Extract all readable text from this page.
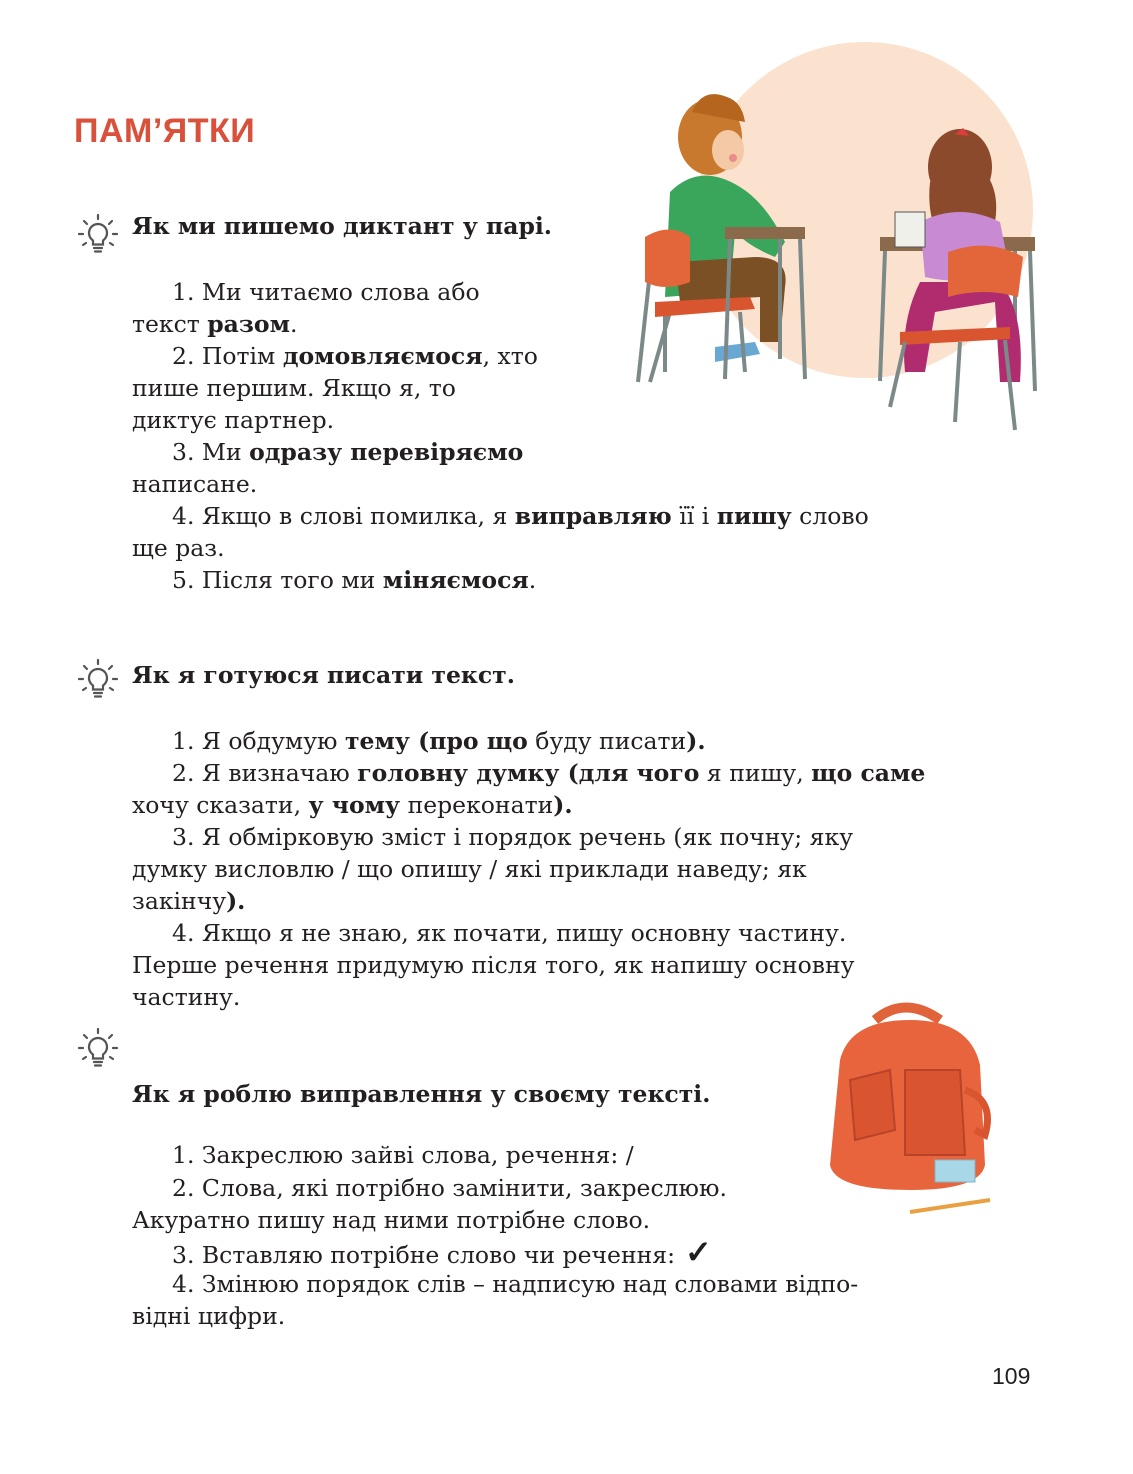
ПАМ’ЯТКИ
Як ми пишемо диктант у парі.
1. Ми читаємо слова або
текст разом.
2. Потім домовляємося, хто
пише першим. Якщо я, то
диктує партнер.
3. Ми одразу перевіряємо
написане.
4. Якщо в слові помилка, я виправляю її і пишу слово
ще раз.
5. Після того ми міняємося.
Як я готуюся писати текст.
1. Я обдумую тему (про що буду писати).
2. Я визначаю головну думку (для чого я пишу, що саме
хочу сказати, у чому переконати).
3. Я обмірковую зміст і порядок речень (як почну; яку
думку висловлю / що опишу / які приклади наведу; як
закінчу).
4. Якщо я не знаю, як почати, пишу основну частину.
Перше речення придумую після того, як напишу основну
частину.
Як я роблю виправлення у своєму тексті.
1. Закреслюю зайві слова, речення: /
2. Слова, які потрібно замінити, закреслюю.
Акуратно пишу над ними потрібне слово.
3. Вставляю потрібне слово чи речення: ✓
4. Змінюю порядок слів – надписую над словами відпо-
відні цифри.
109
